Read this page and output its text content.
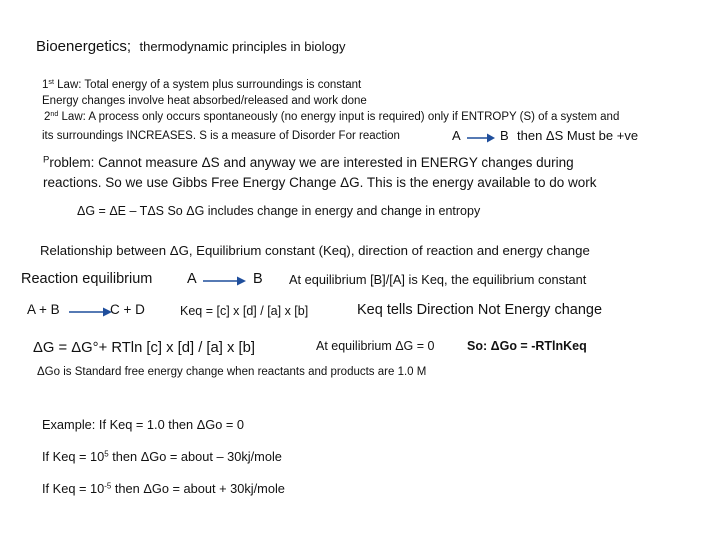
Bioenergetics; thermodynamic principles in biology
1st Law: Total energy of a system plus surroundings is constant
Energy changes involve heat absorbed/released and work done
2nd Law: A process only occurs spontaneously (no energy input is required) only if ENTROPY (S) of a system and
its surroundings INCREASES. S is a measure of Disorder For reaction	A	B then ΔS Must be +ve
$^P$roblem: Cannot measure ΔS and anyway we are interested in ENERGY changes during
reactions. So we use Gibbs Free Energy Change ΔG. This is the energy available to do work
ΔG = ΔE – TΔS So ΔG includes change in energy and change in entropy
Relationship between ΔG, Equilibrium constant (Keq), direction of reaction and energy change
Reaction equilibrium A → B At equilibrium [B]/[A] is Keq, the equilibrium constant
A + B	C + D	Keq = [c] x [d] / [a] x [b]	Keq tells Direction Not Energy change
ΔG = ΔG°+ RTln [c] x [d] / [a] x [b]	At equilibrium ΔG = 0	So: ΔGo = -RTlnKeq
ΔGo is Standard free energy change when reactants and products are 1.0 M
Example: If Keq = 1.0 then ΔGo = 0
If Keq = $10^5$ then ΔGo = about – 30kj/mole
If Keq = $10^{-5}$ then ΔGo = about + 30kj/mole
